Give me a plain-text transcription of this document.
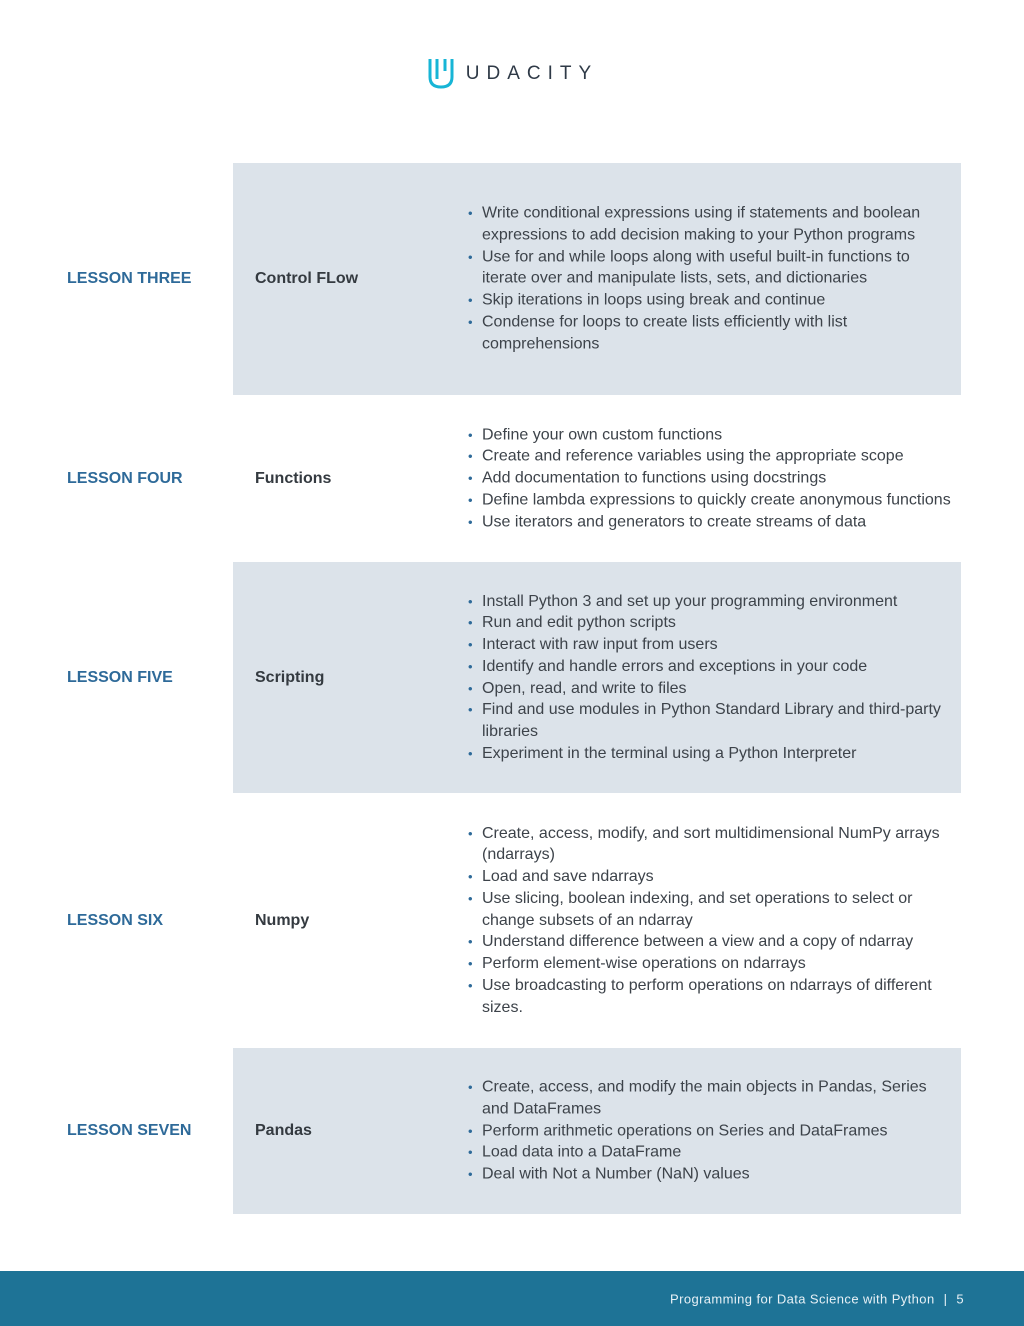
UDACITY
LESSON THREE	Control FLow
• Write conditional expressions using if statements and boolean expressions to add decision making to your Python programs
• Use for and while loops along with useful built-in functions to iterate over and manipulate lists, sets, and dictionaries
• Skip iterations in loops using break and continue
• Condense for loops to create lists efficiently with list comprehensions
LESSON FOUR	Functions
• Define your own custom functions
• Create and reference variables using the appropriate scope
• Add documentation to functions using docstrings
• Define lambda expressions to quickly create anonymous functions
• Use iterators and generators to create streams of data
LESSON FIVE	Scripting
• Install Python 3 and set up your programming environment
• Run and edit python scripts
• Interact with raw input from users
• Identify and handle errors and exceptions in your code
• Open, read, and write to files
• Find and use modules in Python Standard Library and third-party libraries
• Experiment in the terminal using a Python Interpreter
LESSON SIX	Numpy
• Create, access, modify, and sort multidimensional NumPy arrays (ndarrays)
• Load and save ndarrays
• Use slicing, boolean indexing, and set operations to select or change subsets of an ndarray
• Understand difference between a view and a copy of ndarray
• Perform element-wise operations on ndarrays
• Use broadcasting to perform operations on ndarrays of different sizes.
LESSON SEVEN	Pandas
• Create, access, and modify the main objects in Pandas, Series and DataFrames
• Perform arithmetic operations on Series and DataFrames
• Load data into a DataFrame
• Deal with Not a Number (NaN) values
Programming for Data Science with Python | 5
